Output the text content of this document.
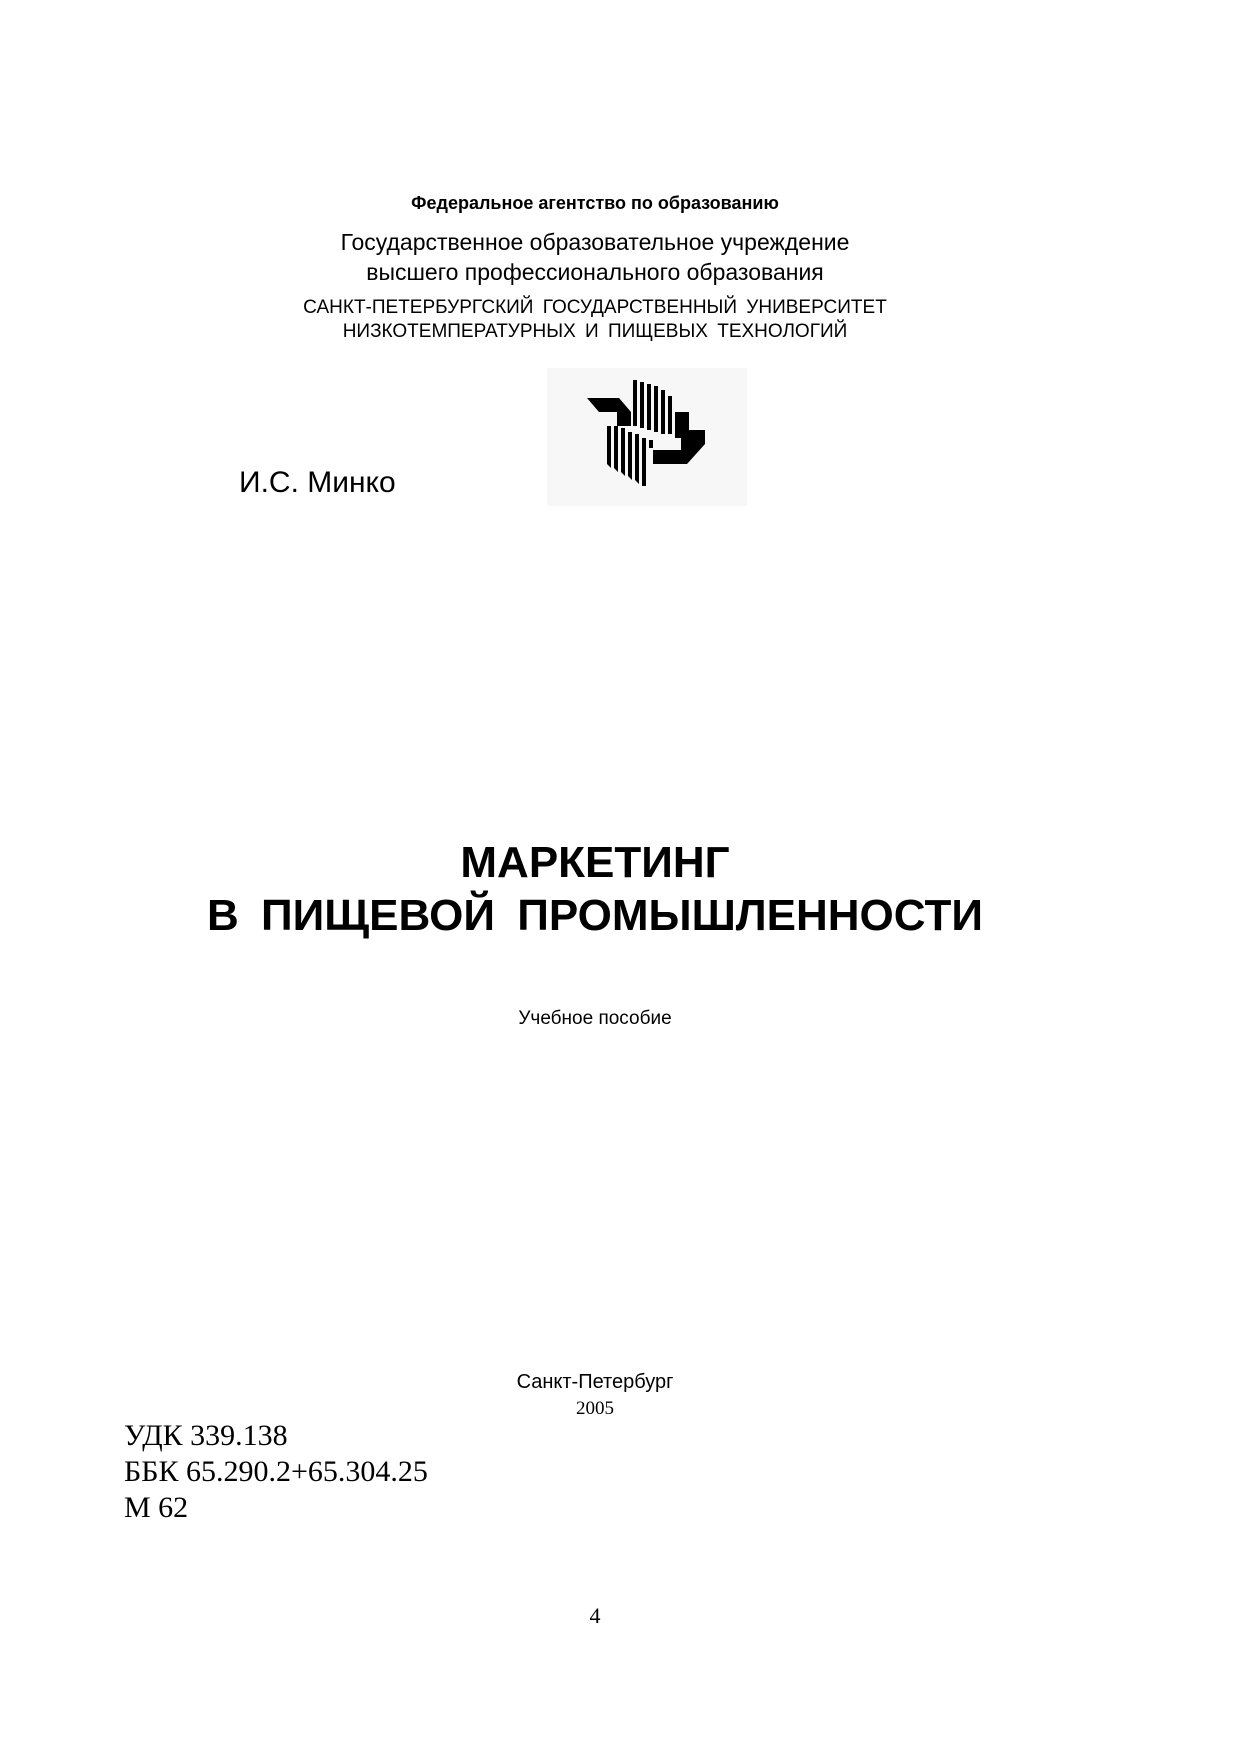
Федеральное агентство по образованию
Государственное образовательное учреждение
высшего профессионального образования
САНКТ-ПЕТЕРБУРГСКИЙ ГОСУДАРСТВЕННЫЙ УНИВЕРСИТЕТ
НИЗКОТЕМПЕРАТУРНЫХ И ПИЩЕВЫХ ТЕХНОЛОГИЙ
И.С. Минко
МАРКЕТИНГ
В ПИЩЕВОЙ ПРОМЫШЛЕННОСТИ
Учебное пособие
Санкт-Петербург
2005
УДК 339.138
ББК 65.290.2+65.304.25
М 62
4
